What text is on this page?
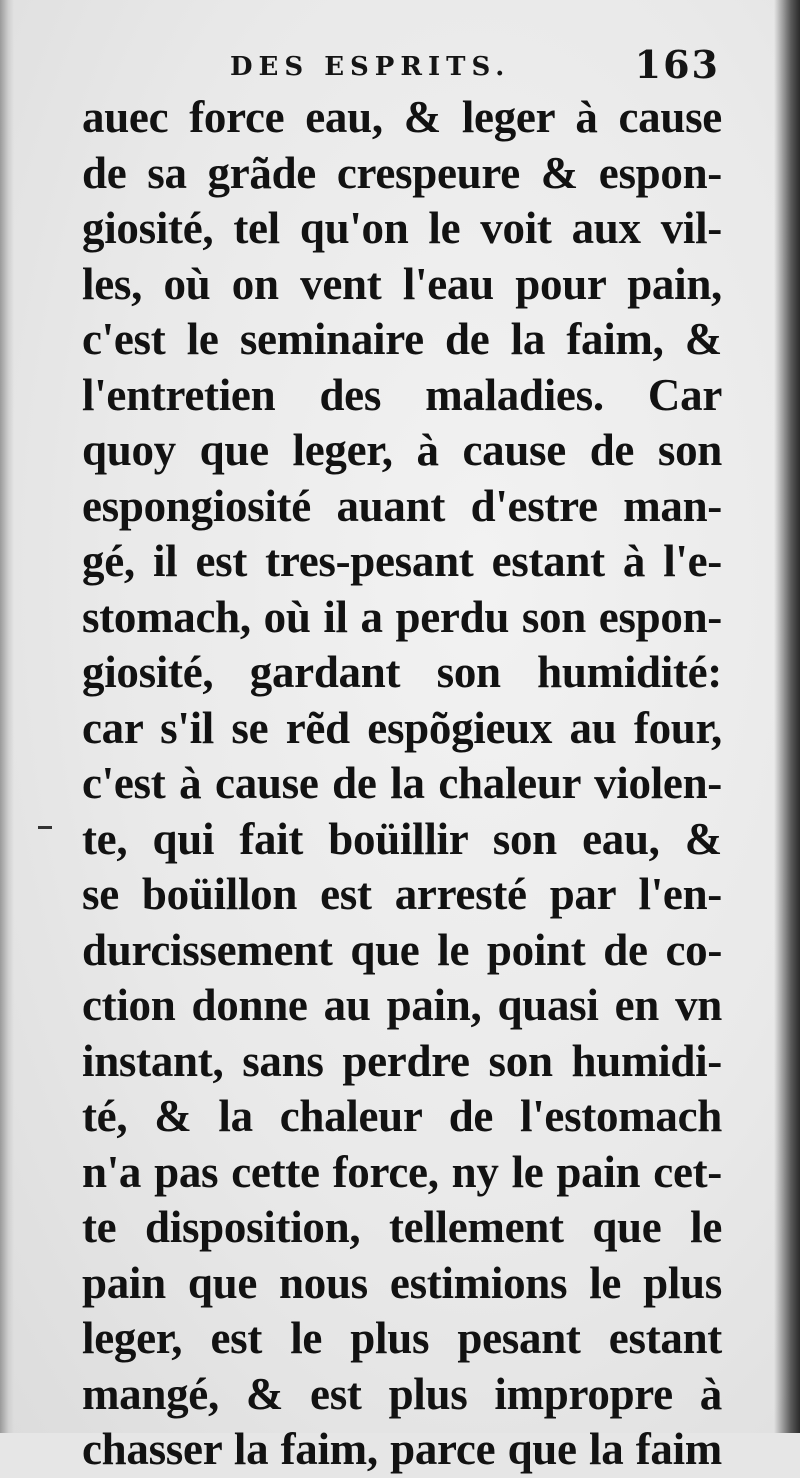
DES ESPRITS.	163
auec force eau, & leger à cause
de sa grãde crespeure & espon-
giosité, tel qu'on le voit aux vil-
les, où on vent l'eau pour pain,
c'est le seminaire de la faim, &
l'entretien des maladies. Car
quoy que leger, à cause de son
espongiosité auant d'estre man-
gé, il est tres-pesant estant à l'e-
stomach, où il a perdu son espon-
giosité, gardant son humidité:
car s'il se rẽd espõgieux au four,
c'est à cause de la chaleur violen-
te, qui fait boüillir son eau, &
se boüillon est arresté par l'en-
durcissement que le point de co-
ction donne au pain, quasi en vn
instant, sans perdre son humidi-
té, & la chaleur de l'estomach
n'a pas cette force, ny le pain cet-
te disposition, tellement que le
pain que nous estimions le plus
leger, est le plus pesant estant
mangé, & est plus impropre à
chasser la faim, parce que la faim
